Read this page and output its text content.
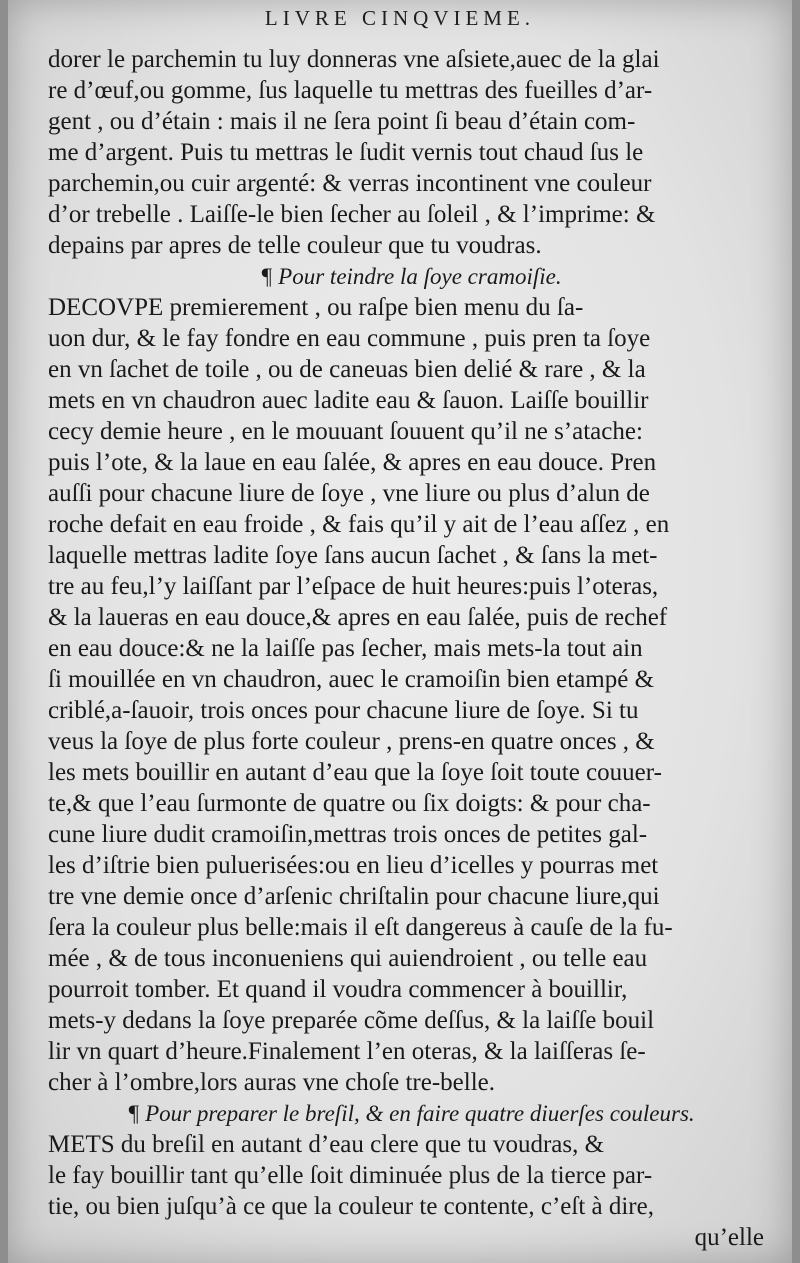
LIVRE CINQVIEME.
dorer le parchemin tu luy donneras vne aſsiete,auec de la glai
re d’œuf,ou gomme, ſus laquelle tu mettras des fueilles d’ar-
gent , ou d’étain : mais il ne ſera point ſi beau d’étain com-
me d’argent. Puis tu mettras le ſudit vernis tout chaud ſus le
parchemin,ou cuir argenté: & verras incontinent vne couleur
d’or trebelle . Laiſſe-le bien ſecher au ſoleil , & l’imprime: &
depains par apres de telle couleur que tu voudras.
¶ Pour teindre la ſoye cramoiſie.
DECOVPE premierement , ou raſpe bien menu du ſa-
uon dur, & le fay fondre en eau commune , puis pren ta ſoye
en vn ſachet de toile , ou de caneuas bien delié & rare , & la
mets en vn chaudron auec ladite eau & ſauon. Laiſſe bouillir
cecy demie heure , en le mouuant ſouuent qu’il ne s’atache:
puis l’ote, & la laue en eau ſalée, & apres en eau douce. Pren
auſſi pour chacune liure de ſoye , vne liure ou plus d’alun de
roche defait en eau froide , & fais qu’il y ait de l’eau aſſez , en
laquelle mettras ladite ſoye ſans aucun ſachet , & ſans la met-
tre au feu,l’y laiſſant par l’eſpace de huit heures:puis l’oteras,
& la laueras en eau douce,& apres en eau ſalée, puis de rechef
en eau douce:& ne la laiſſe pas ſecher, mais mets-la tout ain
ſi mouillée en vn chaudron, auec le cramoiſin bien etampé &
criblé,a-ſauoir, trois onces pour chacune liure de ſoye. Si tu
veus la ſoye de plus forte couleur , prens-en quatre onces , &
les mets bouillir en autant d’eau que la ſoye ſoit toute couuer-
te,& que l’eau ſurmonte de quatre ou ſix doigts: & pour cha-
cune liure dudit cramoiſin,mettras trois onces de petites gal-
les d’iſtrie bien puluerisées:ou en lieu d’icelles y pourras met
tre vne demie once d’arſenic chriſtalin pour chacune liure,qui
ſera la couleur plus belle:mais il eſt dangereus à cauſe de la fu-
mée , & de tous inconueniens qui auiendroient , ou telle eau
pourroit tomber. Et quand il voudra commencer à bouillir,
mets-y dedans la ſoye preparée cõme deſſus, & la laiſſe bouil
lir vn quart d’heure.Finalement l’en oteras, & la laiſſeras ſe-
cher à l’ombre,lors auras vne choſe tre-belle.
¶ Pour preparer le breſil, & en faire quatre diuerſes couleurs.
METS du breſil en autant d’eau clere que tu voudras, &
le fay bouillir tant qu’elle ſoit diminuée plus de la tierce par-
tie, ou bien juſqu’à ce que la couleur te contente, c’eſt à dire,
qu’elle
